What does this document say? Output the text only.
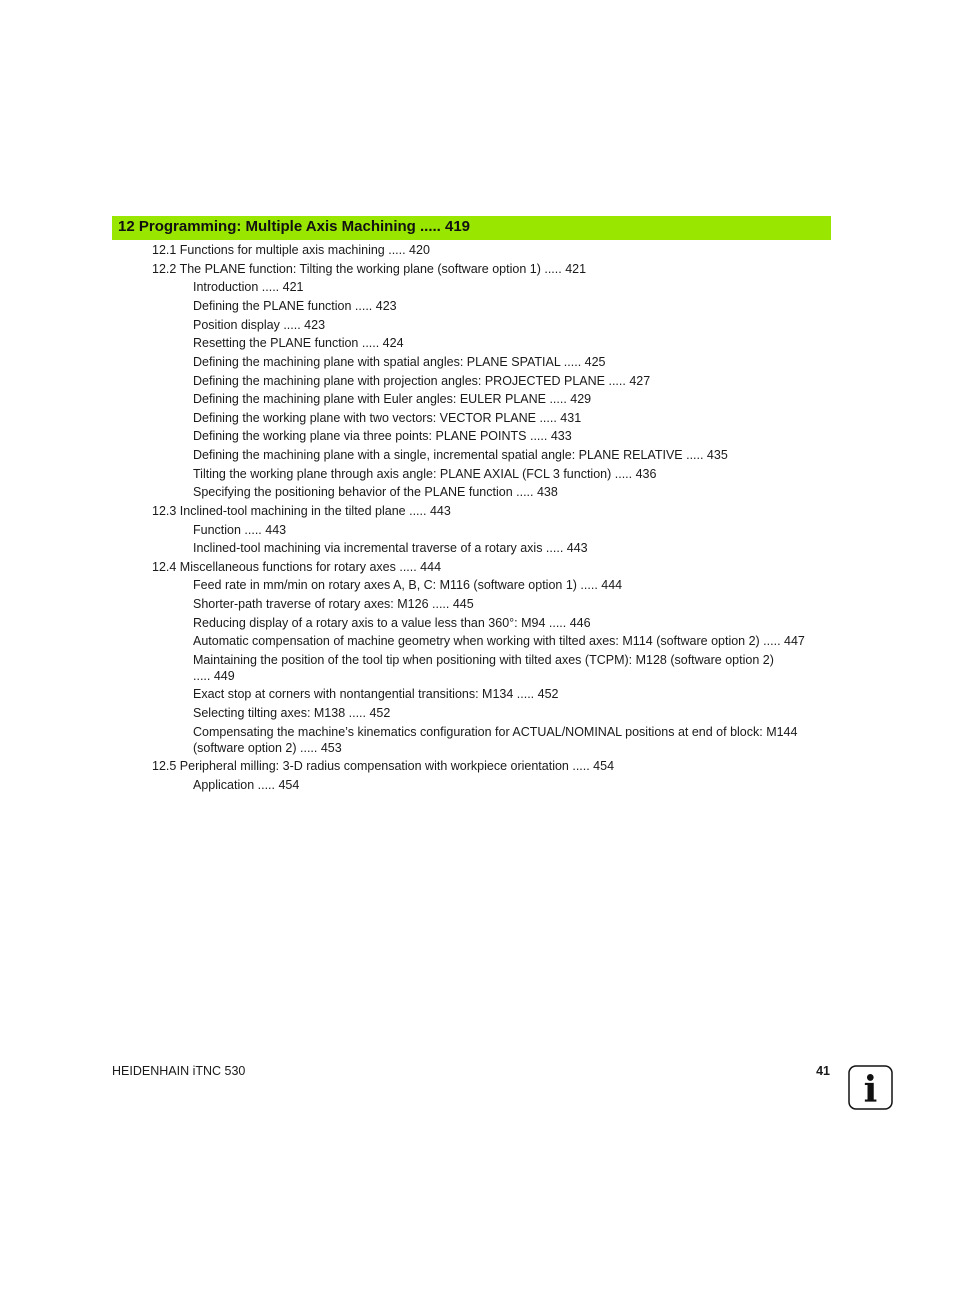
12 Programming: Multiple Axis Machining ..... 419
12.1 Functions for multiple axis machining ..... 420
12.2 The PLANE function: Tilting the working plane (software option 1) ..... 421
Introduction ..... 421
Defining the PLANE function ..... 423
Position display ..... 423
Resetting the PLANE function ..... 424
Defining the machining plane with spatial angles: PLANE SPATIAL ..... 425
Defining the machining plane with projection angles: PROJECTED PLANE ..... 427
Defining the machining plane with Euler angles: EULER PLANE ..... 429
Defining the working plane with two vectors: VECTOR PLANE ..... 431
Defining the working plane via three points: PLANE POINTS ..... 433
Defining the machining plane with a single, incremental spatial angle: PLANE RELATIVE ..... 435
Tilting the working plane through axis angle: PLANE AXIAL (FCL 3 function) ..... 436
Specifying the positioning behavior of the PLANE function ..... 438
12.3 Inclined-tool machining in the tilted plane ..... 443
Function ..... 443
Inclined-tool machining via incremental traverse of a rotary axis ..... 443
12.4 Miscellaneous functions for rotary axes ..... 444
Feed rate in mm/min on rotary axes A, B, C: M116 (software option 1) ..... 444
Shorter-path traverse of rotary axes: M126 ..... 445
Reducing display of a rotary axis to a value less than 360°: M94 ..... 446
Automatic compensation of machine geometry when working with tilted axes: M114 (software option 2) ..... 447
Maintaining the position of the tool tip when positioning with tilted axes (TCPM): M128 (software option 2) ..... 449
Exact stop at corners with nontangential transitions: M134 ..... 452
Selecting tilting axes: M138 ..... 452
Compensating the machine’s kinematics configuration for ACTUAL/NOMINAL positions at end of block: M144 (software option 2) ..... 453
12.5 Peripheral milling: 3-D radius compensation with workpiece orientation ..... 454
Application ..... 454
HEIDENHAIN iTNC 530	41 i
